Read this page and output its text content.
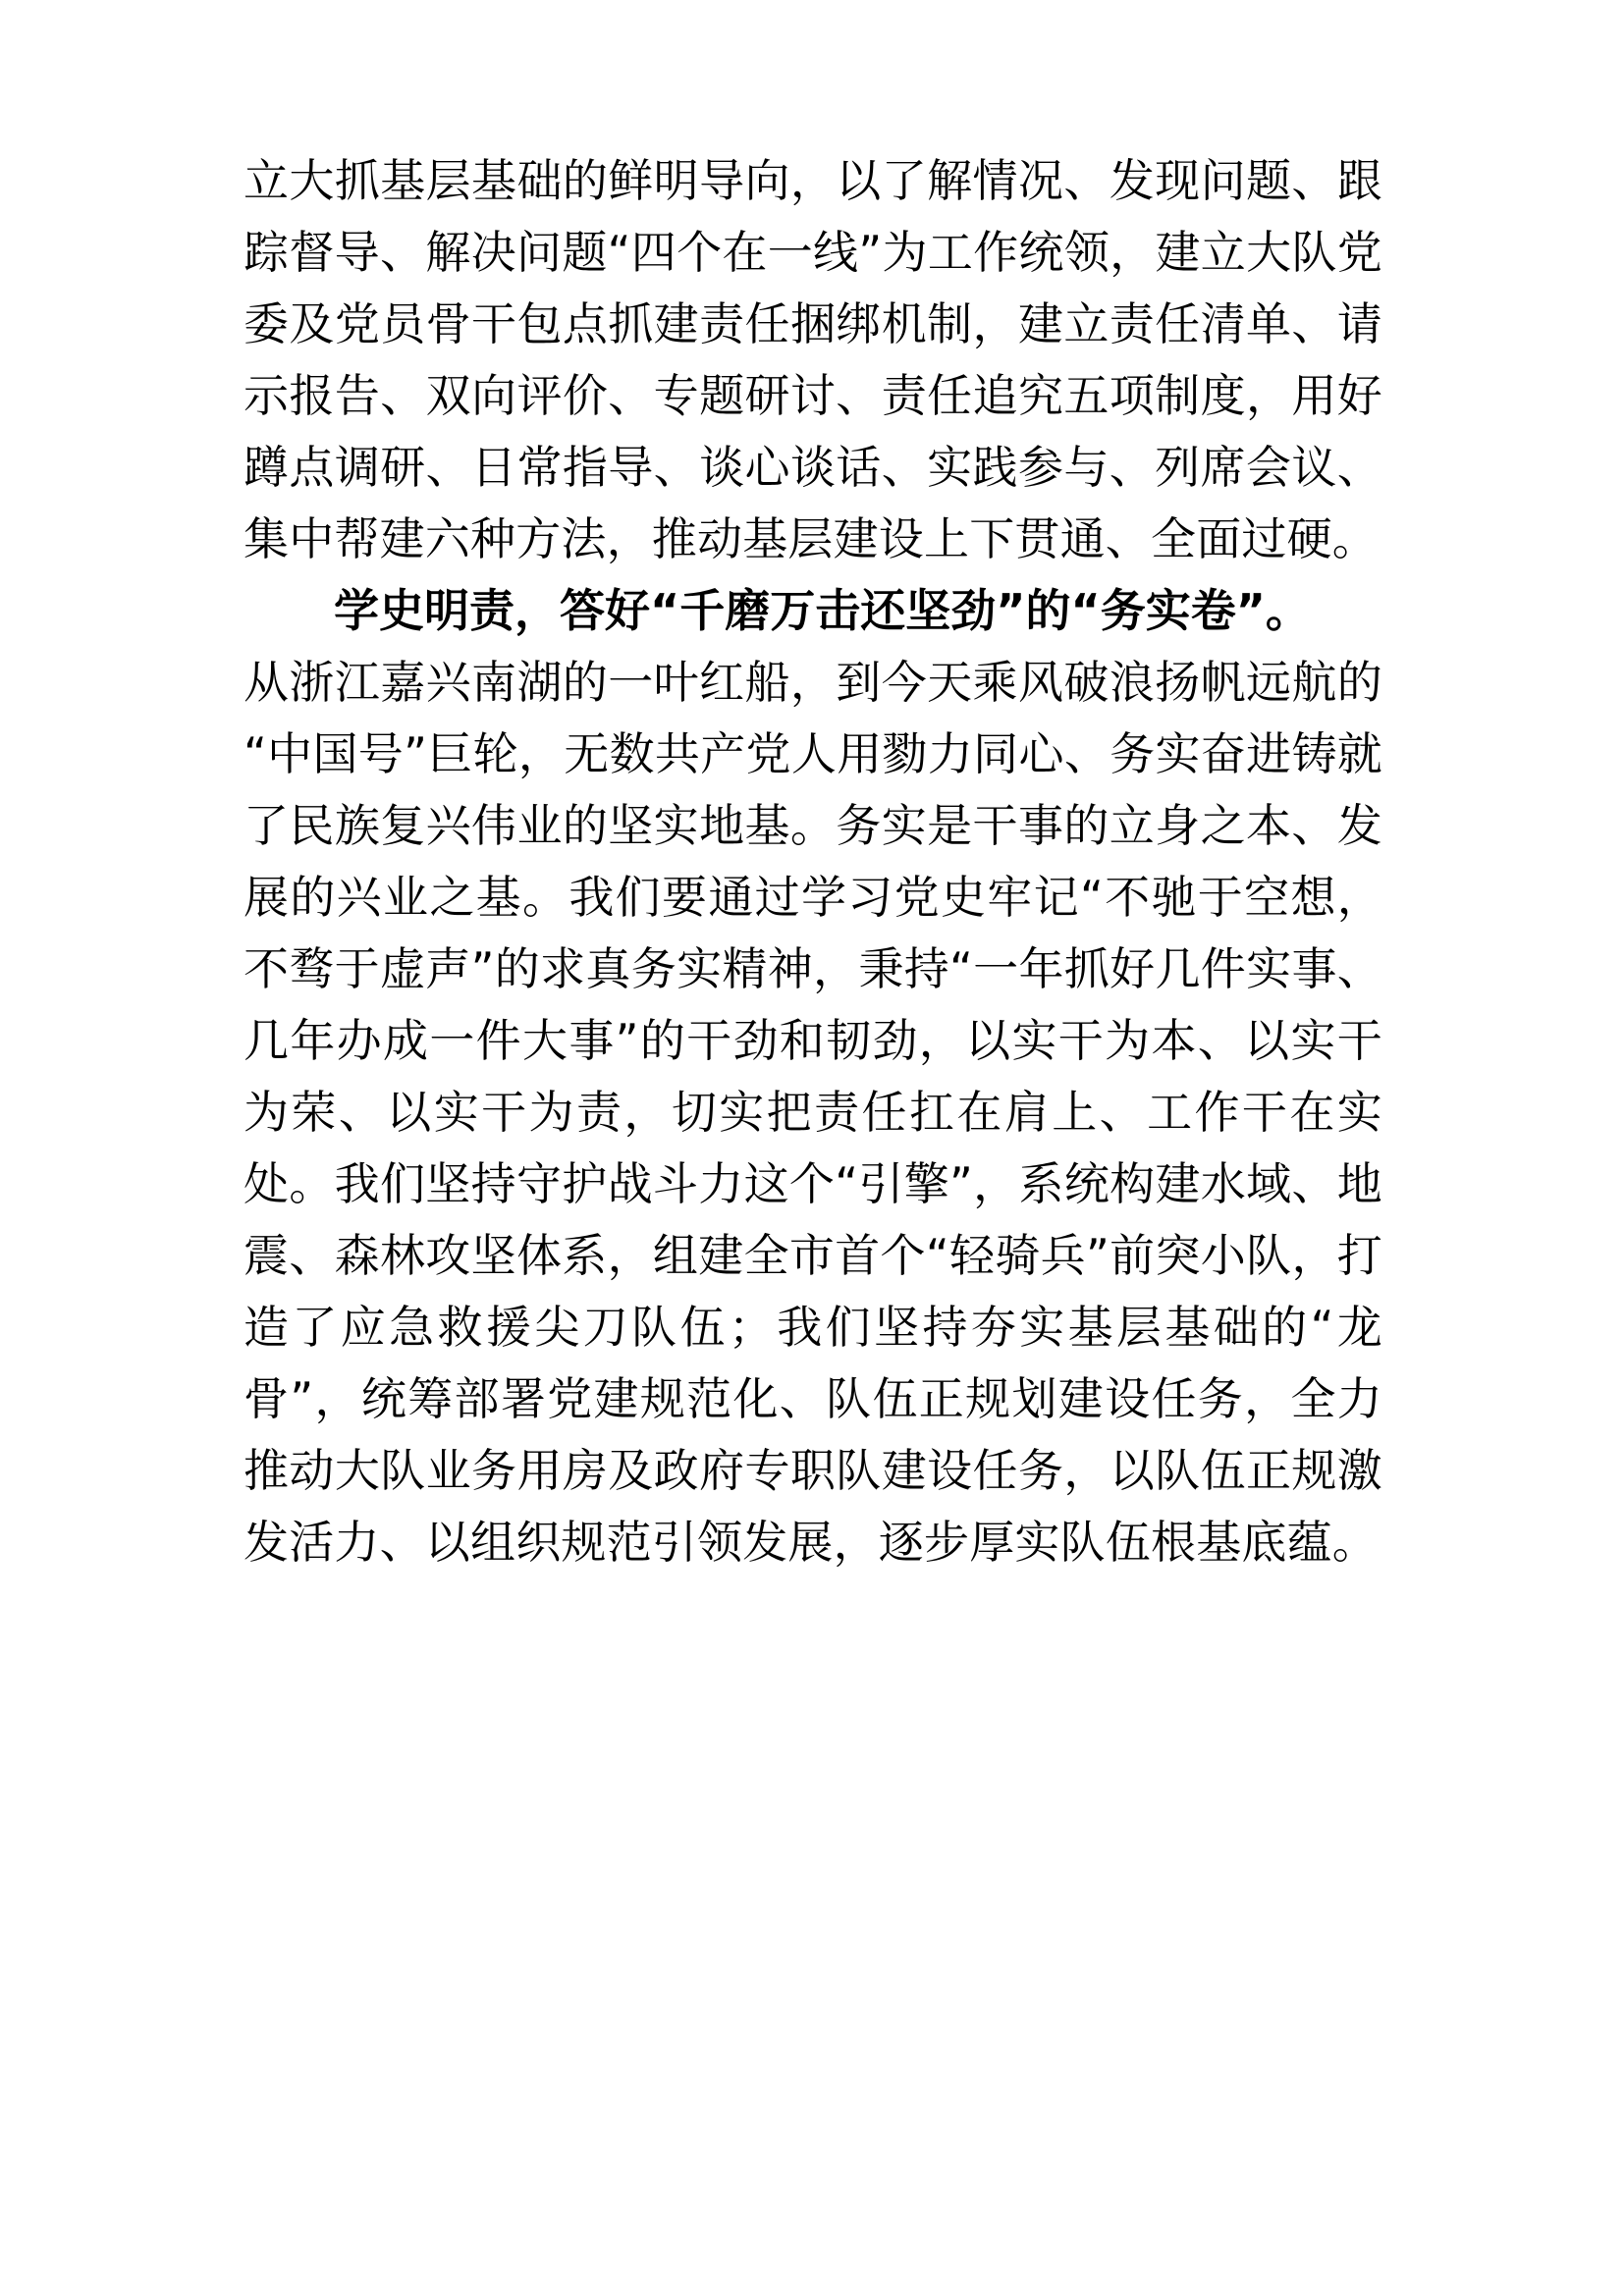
立大抓基层基础的鲜明导向，以了解情况、发现问题、跟踪督导、解决问题“四个在一线”为工作统领，建立大队党委及党员骨干包点抓建责任捆绑机制，建立责任清单、请示报告、双向评价、专题研讨、责任追究五项制度，用好蹲点调研、日常指导、谈心谈话、实践参与、列席会议、集中帮建六种方法，推动基层建设上下贯通、全面过硬。

学史明责，答好“千磨万击还坚劲”的“务实卷”。

从浙江嘉兴南湖的一叶红船，到今天乘风破浪扬帆远航的“中国号”巨轮，无数共产党人用勠力同心、务实奋进铸就了民族复兴伟业的坚实地基。务实是干事的立身之本、发展的兴业之基。我们要通过学习党史牢记“不驰于空想，不骛于虚声”的求真务实精神，秉持“一年抓好几件实事、几年办成一件大事”的干劲和韧劲，以实干为本、以实干为荣、以实干为责，切实把责任扛在肩上、工作干在实处。我们坚持守护战斗力这个“引擎”，系统构建水域、地震、森林攻坚体系，组建全市首个“轻骑兵”前突小队，打造了应急救援尖刀队伍；我们坚持夯实基层基础的“龙骨”，统筹部署党建规范化、队伍正规划建设任务，全力推动大队业务用房及政府专职队建设任务，以队伍正规激发活力、以组织规范引领发展，逐步厚实队伍根基底蕴。
